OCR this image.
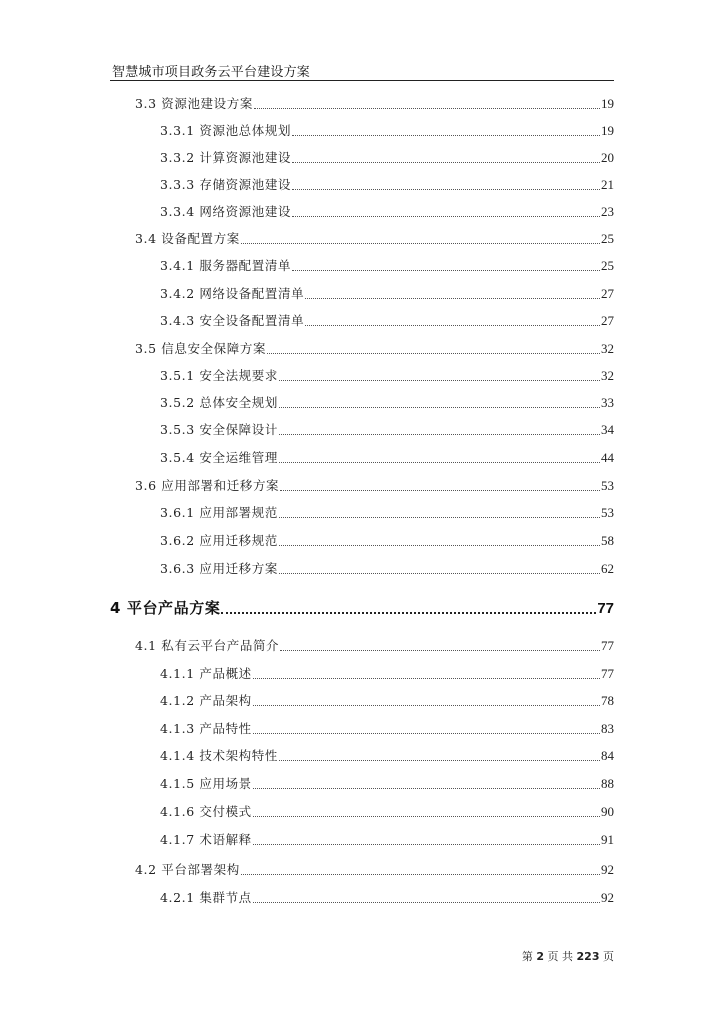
智慧城市项目政务云平台建设方案
第 2 页 共 223 页
3.3 资源池建设方案	19
3.3.1 资源池总体规划	19
3.3.2 计算资源池建设	20
3.3.3 存储资源池建设	21
3.3.4 网络资源池建设	23
3.4 设备配置方案	25
3.4.1 服务器配置清单	25
3.4.2 网络设备配置清单	27
3.4.3 安全设备配置清单	27
3.5 信息安全保障方案	32
3.5.1 安全法规要求	32
3.5.2 总体安全规划	33
3.5.3 安全保障设计	34
3.5.4 安全运维管理	44
3.6 应用部署和迁移方案	53
3.6.1 应用部署规范	53
3.6.2 应用迁移规范	58
3.6.3 应用迁移方案	62
4 平台产品方案	77
4.1 私有云平台产品简介	77
4.1.1 产品概述	77
4.1.2 产品架构	78
4.1.3 产品特性	83
4.1.4 技术架构特性	84
4.1.5 应用场景	88
4.1.6 交付模式	90
4.1.7 术语解释	91
4.2 平台部署架构	92
4.2.1 集群节点	92
